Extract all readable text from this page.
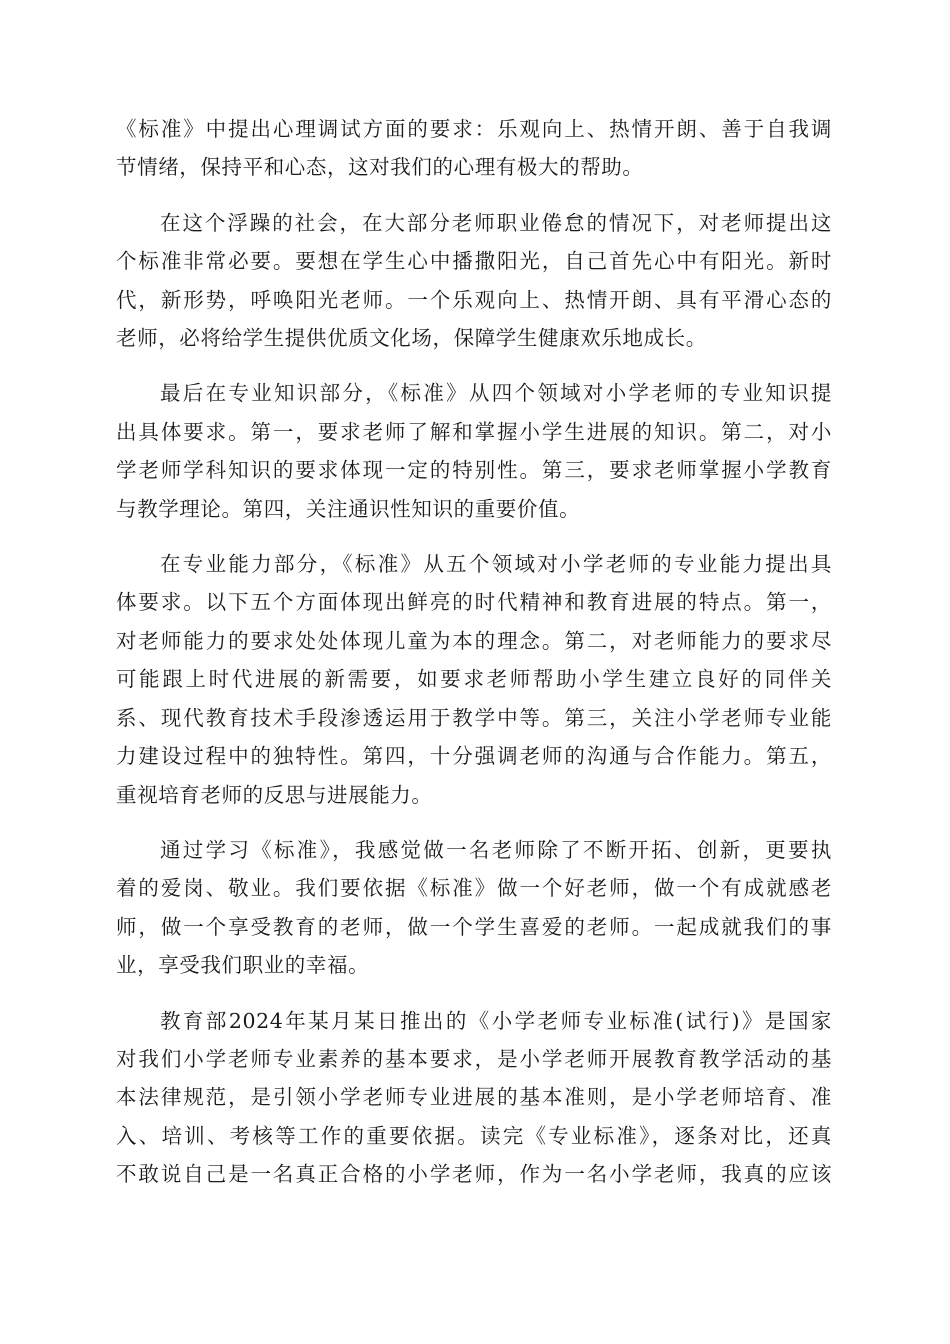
《标准》中提出心理调试方面的要求：乐观向上、热情开朗、善于自我调
节情绪，保持平和心态，这对我们的心理有极大的帮助。
在这个浮躁的社会，在大部分老师职业倦怠的情况下，对老师提出这
个标准非常必要。要想在学生心中播撒阳光，自己首先心中有阳光。新时
代，新形势，呼唤阳光老师。一个乐观向上、热情开朗、具有平滑心态的
老师，必将给学生提供优质文化场，保障学生健康欢乐地成长。
最后在专业知识部分，《标准》从四个领域对小学老师的专业知识提
出具体要求。第一，要求老师了解和掌握小学生进展的知识。第二，对小
学老师学科知识的要求体现一定的特别性。第三，要求老师掌握小学教育
与教学理论。第四，关注通识性知识的重要价值。
在专业能力部分，《标准》从五个领域对小学老师的专业能力提出具
体要求。以下五个方面体现出鲜亮的时代精神和教育进展的特点。第一，
对老师能力的要求处处体现儿童为本的理念。第二，对老师能力的要求尽
可能跟上时代进展的新需要，如要求老师帮助小学生建立良好的同伴关
系、现代教育技术手段渗透运用于教学中等。第三，关注小学老师专业能
力建设过程中的独特性。第四，十分强调老师的沟通与合作能力。第五，
重视培育老师的反思与进展能力。
通过学习《标准》，我感觉做一名老师除了不断开拓、创新，更要执
着的爱岗、敬业。我们要依据《标准》做一个好老师，做一个有成就感老
师，做一个享受教育的老师，做一个学生喜爱的老师。一起成就我们的事
业，享受我们职业的幸福。
教育部2024年某月某日推出的《小学老师专业标准(试行)》是国家
对我们小学老师专业素养的基本要求，是小学老师开展教育教学活动的基
本法律规范，是引领小学老师专业进展的基本准则，是小学老师培育、准
入、培训、考核等工作的重要依据。读完《专业标准》，逐条对比，还真
不敢说自己是一名真正合格的小学老师，作为一名小学老师，我真的应该
